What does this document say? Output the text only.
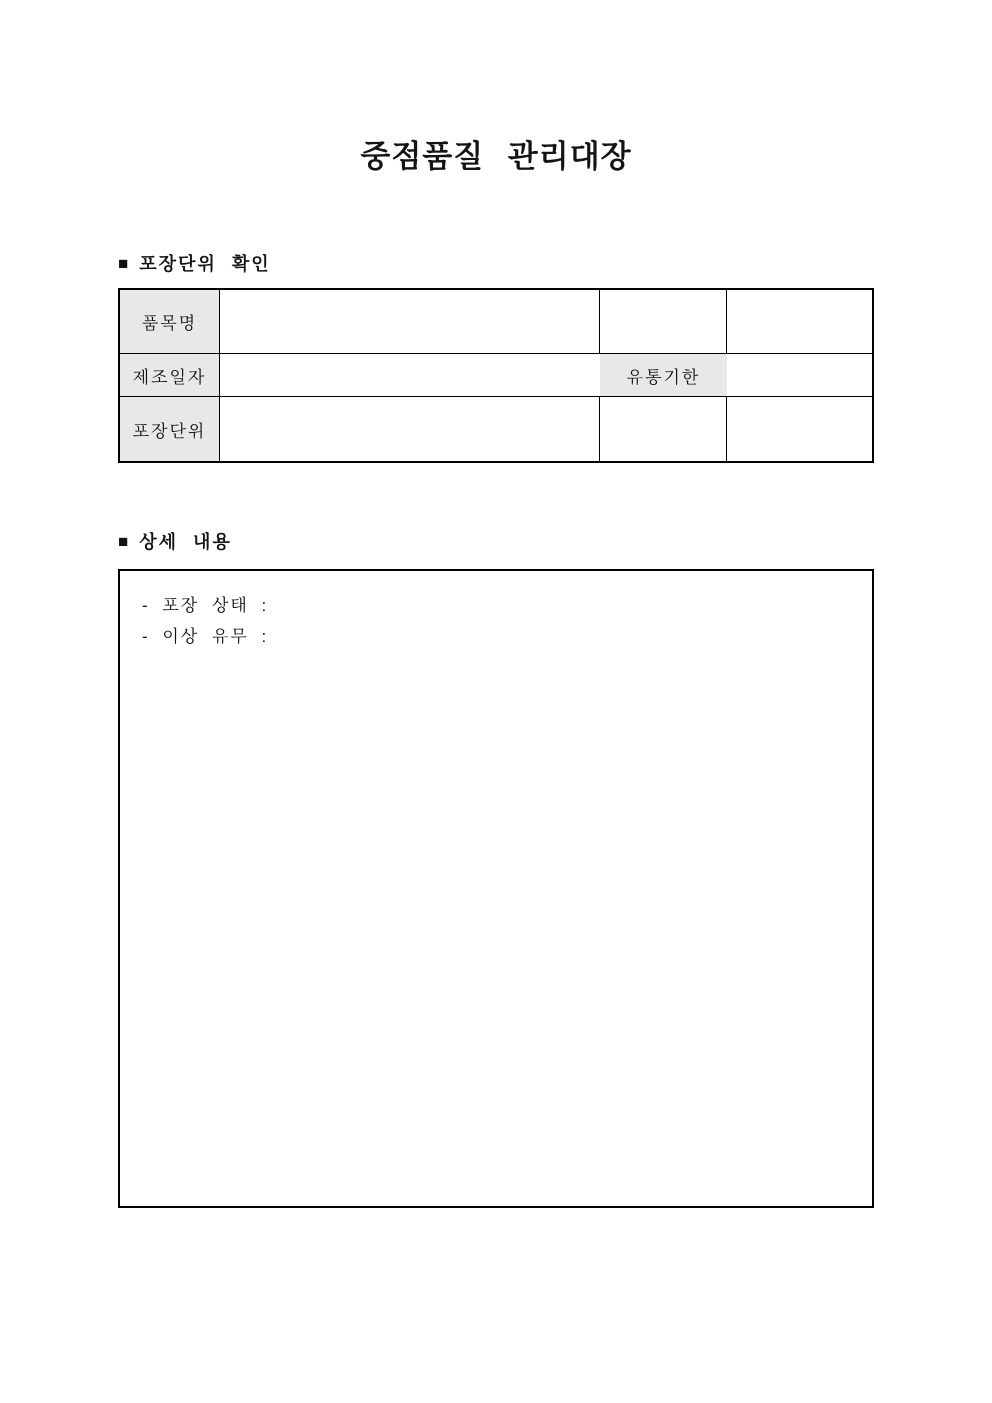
중점품질 관리대장
■ 포장단위 확인
품목명
제조일자	유통기한
포장단위
■ 상세 내용
- 포장 상태 :
- 이상 유무 :
